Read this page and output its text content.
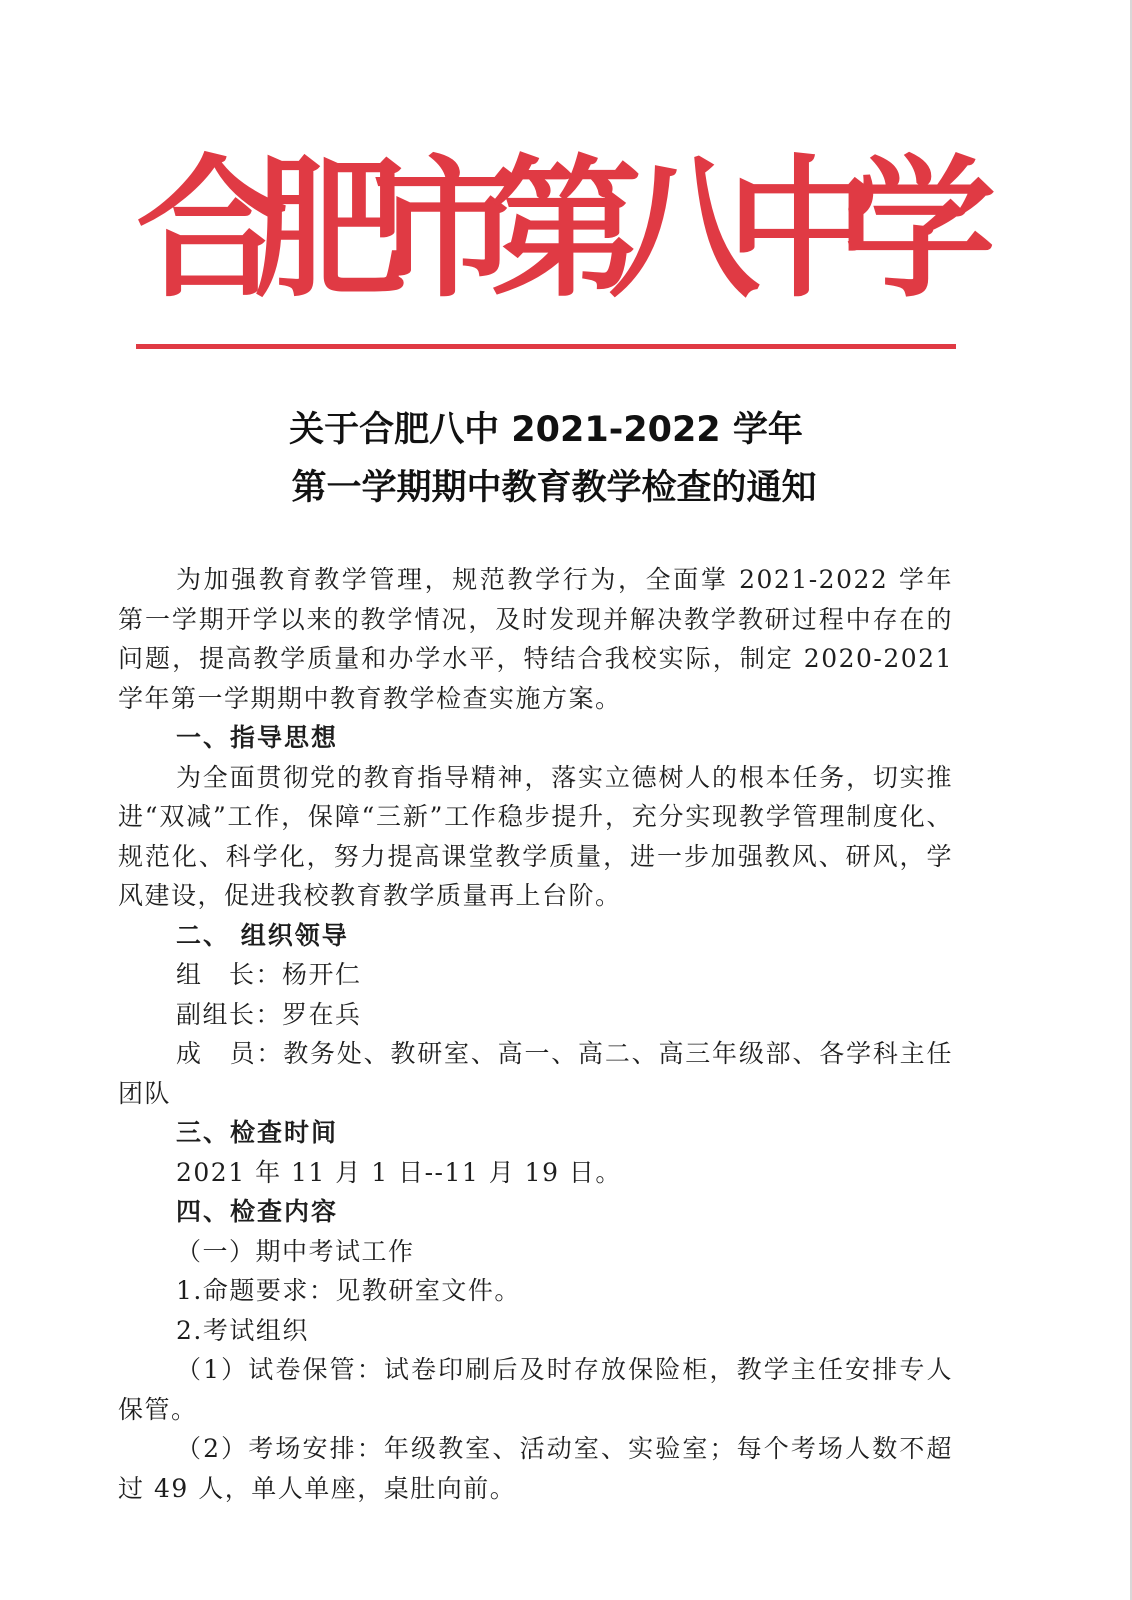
合
肥
市
第
八
中
学
关于合肥八中 2021-2022 学年
第一学期期中教育教学检查的通知

为加强教育教学管理，规范教学行为，全面掌 2021-2022 学年第一学期开学以来的教学情况，及时发现并解决教学教研过程中存在的问题，提高教学质量和办学水平，特结合我校实际，制定 2020-2021 学年第一学期期中教育教学检查实施方案。

一、指导思想

为全面贯彻党的教育指导精神，落实立德树人的根本任务，切实推进“双减”工作，保障“三新”工作稳步提升，充分实现教学管理制度化、规范化、科学化，努力提高课堂教学质量，进一步加强教风、研风，学风建设，促进我校教育教学质量再上台阶。

二、 组织领导

组　长：杨开仁

副组长：罗在兵

成　员：教务处、教研室、高一、高二、高三年级部、各学科主任团队

三、检查时间

2021 年 11 月 1 日--11 月 19 日。

四、检查内容

（一）期中考试工作

1.命题要求：见教研室文件。

2.考试组织

（1）试卷保管：试卷印刷后及时存放保险柜，教学主任安排专人保管。

（2）考场安排：年级教室、活动室、实验室；每个考场人数不超过 49 人，单人单座，桌肚向前。
